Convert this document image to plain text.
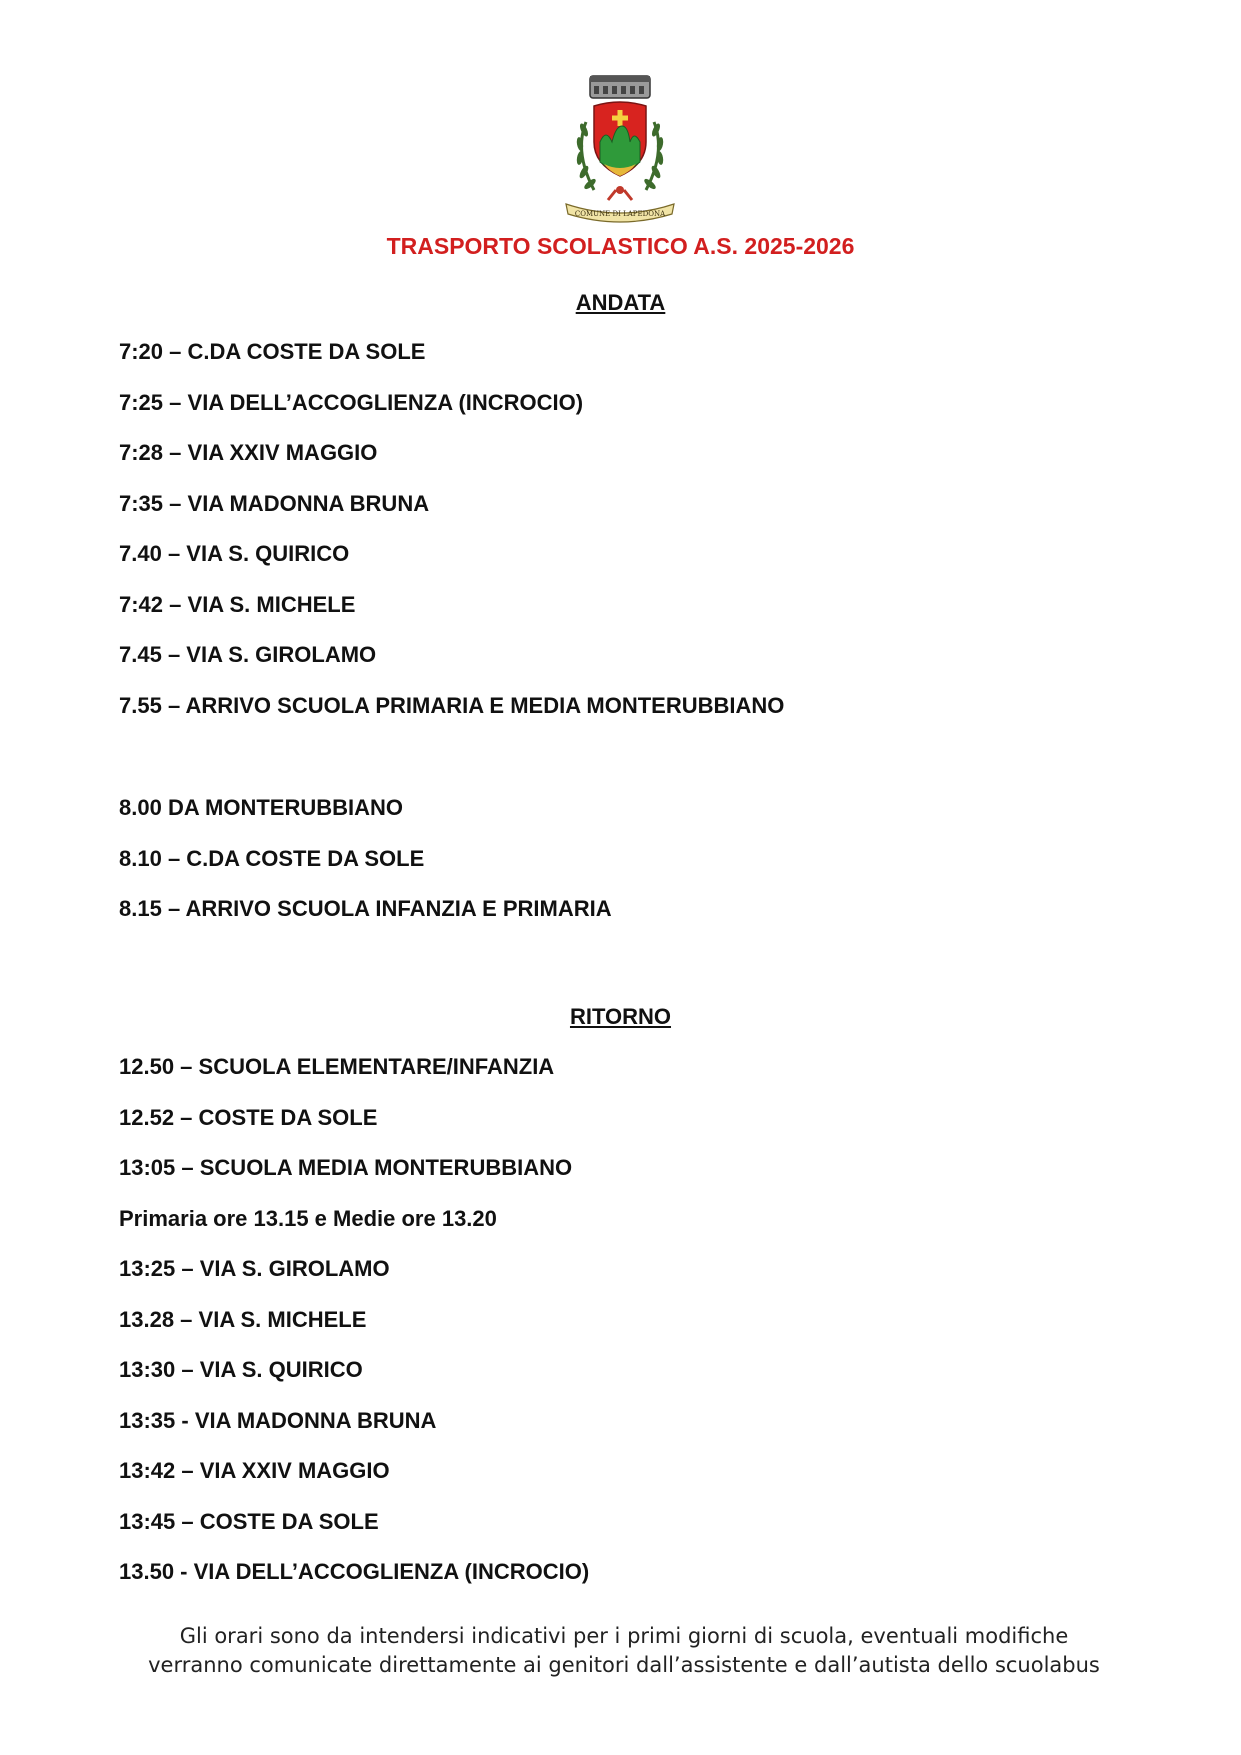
COMUNE DI LAPEDONA
TRASPORTO SCOLASTICO A.S. 2025-2026
ANDATA
7:20 – C.DA COSTE DA SOLE
7:25 – VIA DELL’ACCOGLIENZA (INCROCIO)
7:28 – VIA XXIV MAGGIO
7:35 – VIA MADONNA BRUNA
7.40 – VIA S. QUIRICO
7:42 – VIA S. MICHELE
7.45 – VIA S. GIROLAMO
7.55 – ARRIVO SCUOLA PRIMARIA E MEDIA MONTERUBBIANO
8.00 DA MONTERUBBIANO
8.10 – C.DA COSTE DA SOLE
8.15 – ARRIVO SCUOLA INFANZIA E PRIMARIA
RITORNO
12.50 – SCUOLA ELEMENTARE/INFANZIA
12.52 – COSTE DA SOLE
13:05 – SCUOLA MEDIA MONTERUBBIANO
Primaria ore 13.15 e Medie ore 13.20
13:25 – VIA S. GIROLAMO
13.28 – VIA S. MICHELE
13:30 – VIA S. QUIRICO
13:35 - VIA MADONNA BRUNA
13:42 – VIA XXIV MAGGIO
13:45 – COSTE DA SOLE
13.50 - VIA DELL’ACCOGLIENZA (INCROCIO)
Gli orari sono da intendersi indicativi per i primi giorni di scuola, eventuali modifiche
verranno comunicate direttamente ai genitori dall’assistente e dall’autista dello scuolabus
